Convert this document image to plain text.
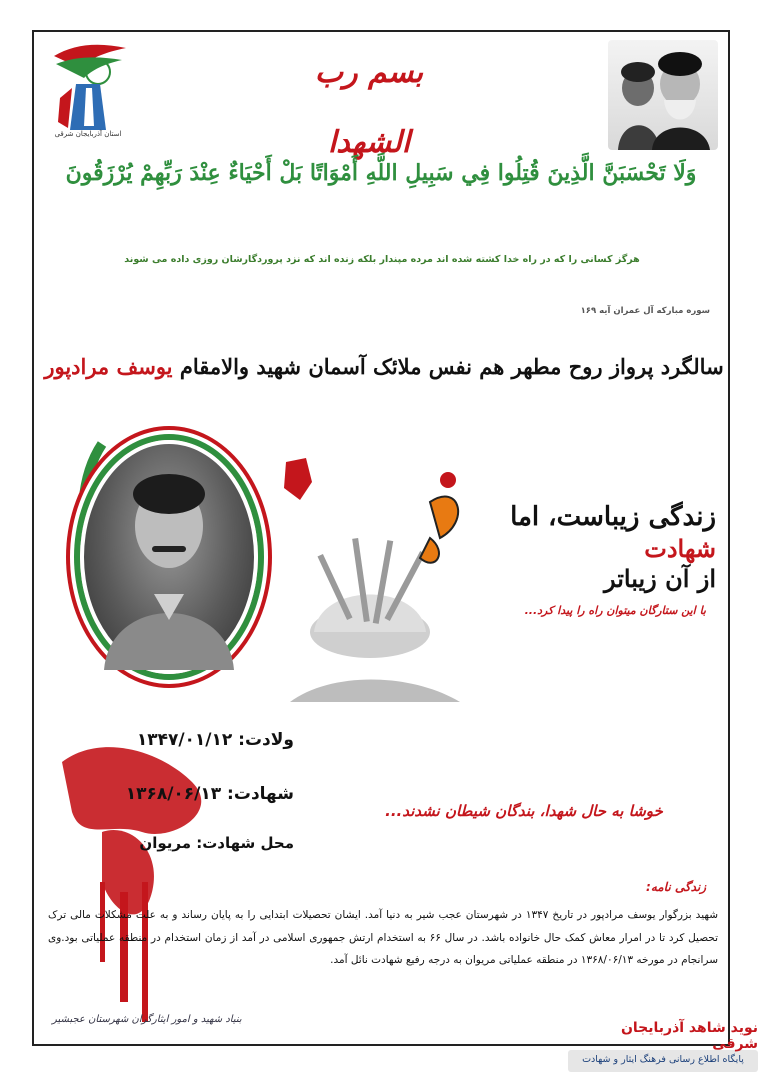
استان آذربایجان شرقی
بسم رب الشهدا
وَلَا تَحْسَبَنَّ الَّذِينَ قُتِلُوا فِي سَبِيلِ اللَّهِ أَمْوَاتًا بَلْ أَحْيَاءٌ عِنْدَ رَبِّهِمْ يُرْزَقُونَ
هرگز کسانی را که در راه خدا کشته شده اند مرده مپندار بلکه زنده اند که نزد پروردگارشان روزی داده می شوند
سوره مبارکه آل عمران آیه ۱۶۹
سالگرد پرواز روح مطهر هم نفس ملائک آسمان شهید والامقام یوسف مرادپور
زندگی زیباست، اما
شهادت
از آن زیباتر
با این ستارگان میتوان راه را پیدا کرد...
ولادت: ۱۳۴۷/۰۱/۱۲
شهادت: ۱۳۶۸/۰۶/۱۳
محل شهادت: مریوان
خوشا به حال شهدا، بندگان شیطان نشدند...
زندگی نامه:
شهید بزرگوار یوسف مرادپور در تاریخ ۱۳۴۷ در شهرستان عجب شیر به دنیا آمد. ایشان تحصیلات ابتدایی را به پایان رساند و به علت مشکلات مالی ترک تحصیل کرد تا در امرار معاش کمک حال خانواده باشد. در سال ۶۶ به استخدام ارتش جمهوری اسلامی در آمد از زمان استخدام در منطقه عملیاتی بود.وی سرانجام در مورخه ۱۳۶۸/۰۶/۱۳ در منطقه عملیاتی مریوان به درجه رفیع شهادت نائل آمد.
بنیاد شهید و امور ایثارگران شهرستان عجبشیر
نوید شاهد آذربایجان شرقی
پایگاه اطلاع رسانی فرهنگ ایثار و شهادت
